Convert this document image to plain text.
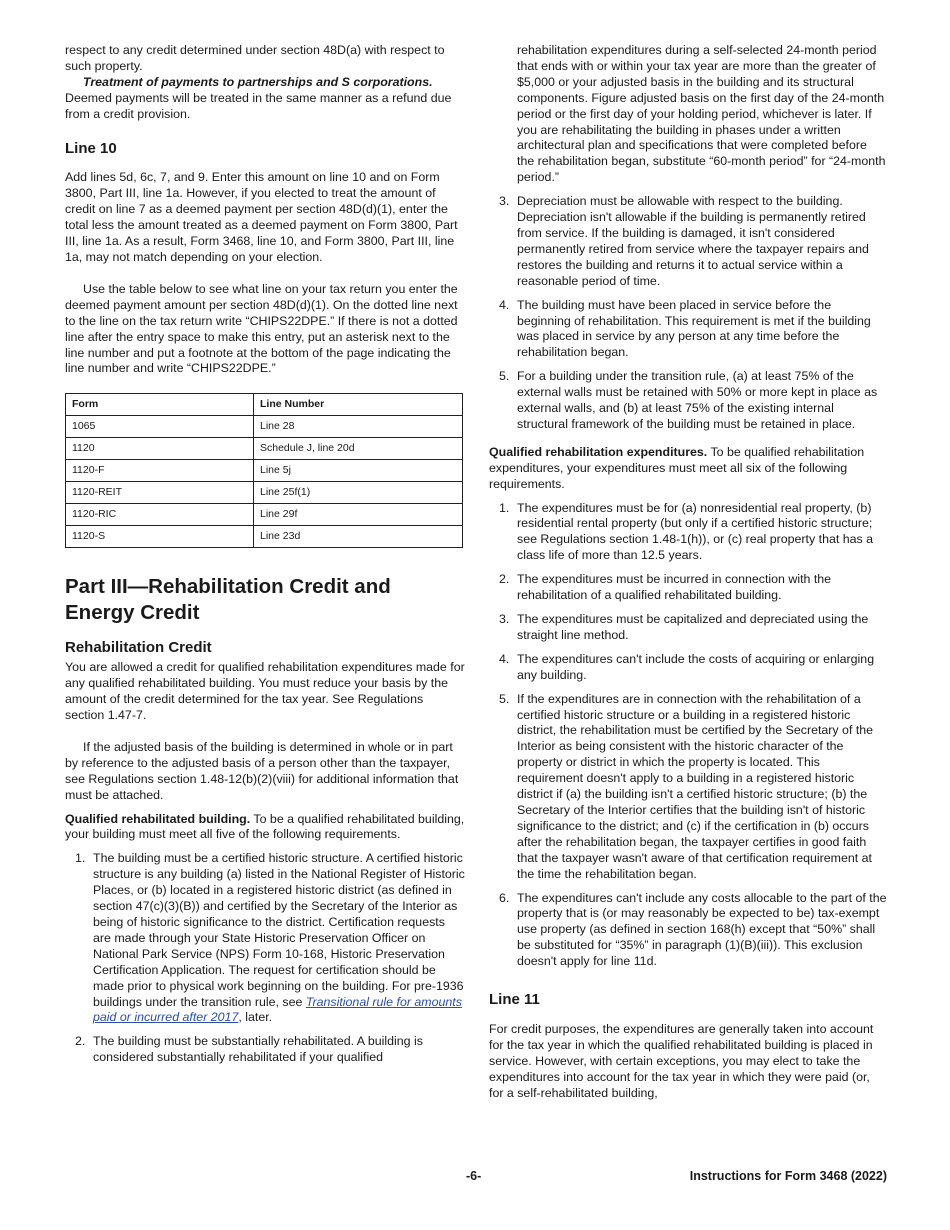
respect to any credit determined under section 48D(a) with respect to such property.

Treatment of payments to partnerships and S corporations. Deemed payments will be treated in the same manner as a refund due from a credit provision.

Line 10

Add lines 5d, 6c, 7, and 9. Enter this amount on line 10 and on Form 3800, Part III, line 1a. However, if you elected to treat the amount of credit on line 7 as a deemed payment per section 48D(d)(1), enter the total less the amount treated as a deemed payment on Form 3800, Part III, line 1a. As a result, Form 3468, line 10, and Form 3800, Part III, line 1a, may not match depending on your election.

Use the table below to see what line on your tax return you enter the deemed payment amount per section 48D(d)(1). On the dotted line next to the line on the tax return write “CHIPS22DPE.” If there is not a dotted line after the entry space to make this entry, put an asterisk next to the line number and put a footnote at the bottom of the page indicating the line number and write “CHIPS22DPE.”

Form	Line Number
1065	Line 28
1120	Schedule J, line 20d
1120-F	Line 5j
1120-REIT	Line 25f(1)
1120-RIC	Line 29f
1120-S	Line 23d
Part III—Rehabilitation Credit and Energy Credit
Rehabilitation Credit

You are allowed a credit for qualified rehabilitation expenditures made for any qualified rehabilitated building. You must reduce your basis by the amount of the credit determined for the tax year. See Regulations section 1.47-7.

If the adjusted basis of the building is determined in whole or in part by reference to the adjusted basis of a person other than the taxpayer, see Regulations section 1.48-12(b)(2)(viii) for additional information that must be attached.

Qualified rehabilitated building. To be a qualified rehabilitated building, your building must meet all five of the following requirements.

1. The building must be a certified historic structure. A certified historic structure is any building (a) listed in the National Register of Historic Places, or (b) located in a registered historic district (as defined in section 47(c)(3)(B)) and certified by the Secretary of the Interior as being of historic significance to the district. Certification requests are made through your State Historic Preservation Officer on National Park Service (NPS) Form 10-168, Historic Preservation Certification Application. The request for certification should be made prior to physical work beginning on the building. For pre-1936 buildings under the transition rule, see Transitional rule for amounts paid or incurred after 2017, later.
2. The building must be substantially rehabilitated. A building is considered substantially rehabilitated if your qualified

rehabilitation expenditures during a self-selected 24-month period that ends with or within your tax year are more than the greater of $5,000 or your adjusted basis in the building and its structural components. Figure adjusted basis on the first day of the 24-month period or the first day of your holding period, whichever is later. If you are rehabilitating the building in phases under a written architectural plan and specifications that were completed before the rehabilitation began, substitute “60-month period” for “24-month period.”

3. Depreciation must be allowable with respect to the building. Depreciation isn't allowable if the building is permanently retired from service. If the building is damaged, it isn't considered permanently retired from service where the taxpayer repairs and restores the building and returns it to actual service within a reasonable period of time.
4. The building must have been placed in service before the beginning of rehabilitation. This requirement is met if the building was placed in service by any person at any time before the rehabilitation began.
5. For a building under the transition rule, (a) at least 75% of the external walls must be retained with 50% or more kept in place as external walls, and (b) at least 75% of the existing internal structural framework of the building must be retained in place.

Qualified rehabilitation expenditures. To be qualified rehabilitation expenditures, your expenditures must meet all six of the following requirements.

1. The expenditures must be for (a) nonresidential real property, (b) residential rental property (but only if a certified historic structure; see Regulations section 1.48-1(h)), or (c) real property that has a class life of more than 12.5 years.
2. The expenditures must be incurred in connection with the rehabilitation of a qualified rehabilitated building.
3. The expenditures must be capitalized and depreciated using the straight line method.
4. The expenditures can't include the costs of acquiring or enlarging any building.
5. If the expenditures are in connection with the rehabilitation of a certified historic structure or a building in a registered historic district, the rehabilitation must be certified by the Secretary of the Interior as being consistent with the historic character of the property or district in which the property is located. This requirement doesn't apply to a building in a registered historic district if (a) the building isn't a certified historic structure; (b) the Secretary of the Interior certifies that the building isn't of historic significance to the district; and (c) if the certification in (b) occurs after the rehabilitation began, the taxpayer certifies in good faith that the taxpayer wasn't aware of that certification requirement at the time the rehabilitation began.
6. The expenditures can't include any costs allocable to the part of the property that is (or may reasonably be expected to be) tax-exempt use property (as defined in section 168(h) except that “50%” shall be substituted for “35%” in paragraph (1)(B)(iii)). This exclusion doesn't apply for line 11d.
Line 11

For credit purposes, the expenditures are generally taken into account for the tax year in which the qualified rehabilitated building is placed in service. However, with certain exceptions, you may elect to take the expenditures into account for the tax year in which they were paid (or, for a self-rehabilitated building,

-6-	Instructions for Form 3468 (2022)
